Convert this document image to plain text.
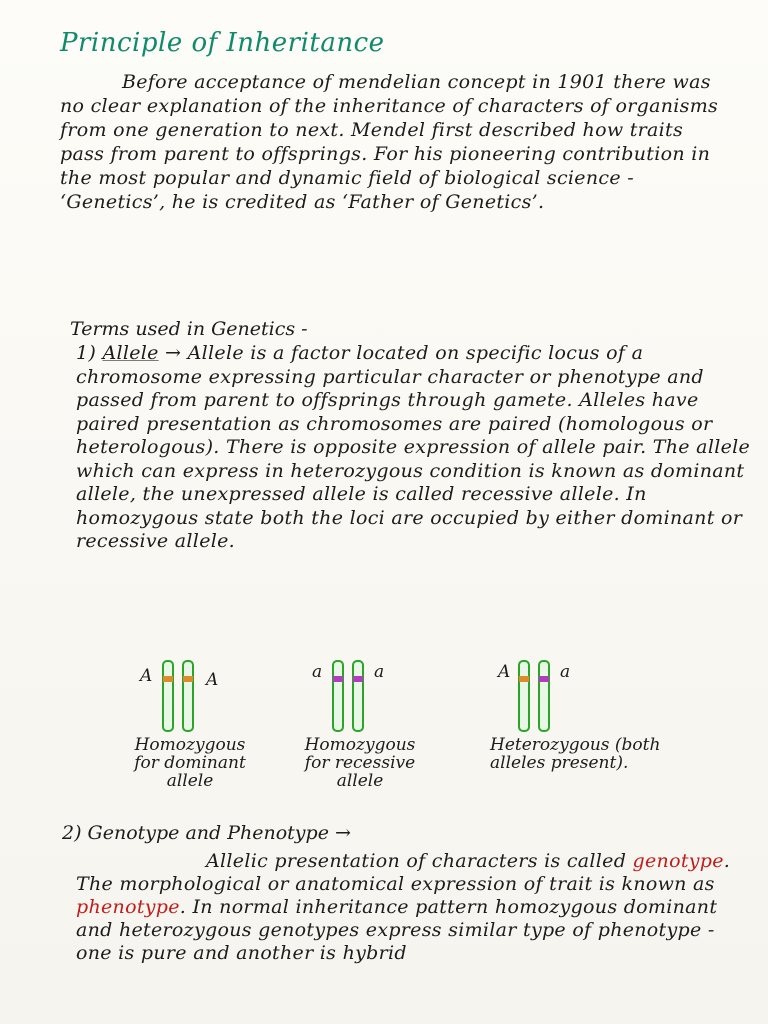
Principle of Inheritance
Before acceptance of mendelian concept in 1901 there was no clear explanation of the inheritance of characters of organisms from one generation to next. Mendel first described how traits pass from parent to offsprings. For his pioneering contribution in the most popular and dynamic field of biological science - ‘Genetics’, he is credited as ‘Father of Genetics’.
Terms used in Genetics -
1) Allele → Allele is a factor located on specific locus of a chromosome expressing particular character or phenotype and passed from parent to offsprings through gamete. Alleles have paired presentation as chromosomes are paired (homologous or heterologous). There is opposite expression of allele pair. The allele which can express in heterozygous condition is known as dominant allele, the unexpressed allele is called recessive allele. In homozygous state both the loci are occupied by either dominant or recessive allele.
A	A
Homozygous
for dominant
allele
a	a
Homozygous
for recessive
allele
A	a
Heterozygous (both
alleles present).
2) Genotype and Phenotype →
Allelic presentation of characters is called genotype. The morphological or anatomical expression of trait is known as phenotype. In normal inheritance pattern homozygous dominant and heterozygous genotypes express similar type of phenotype - one is pure and another is hybrid
